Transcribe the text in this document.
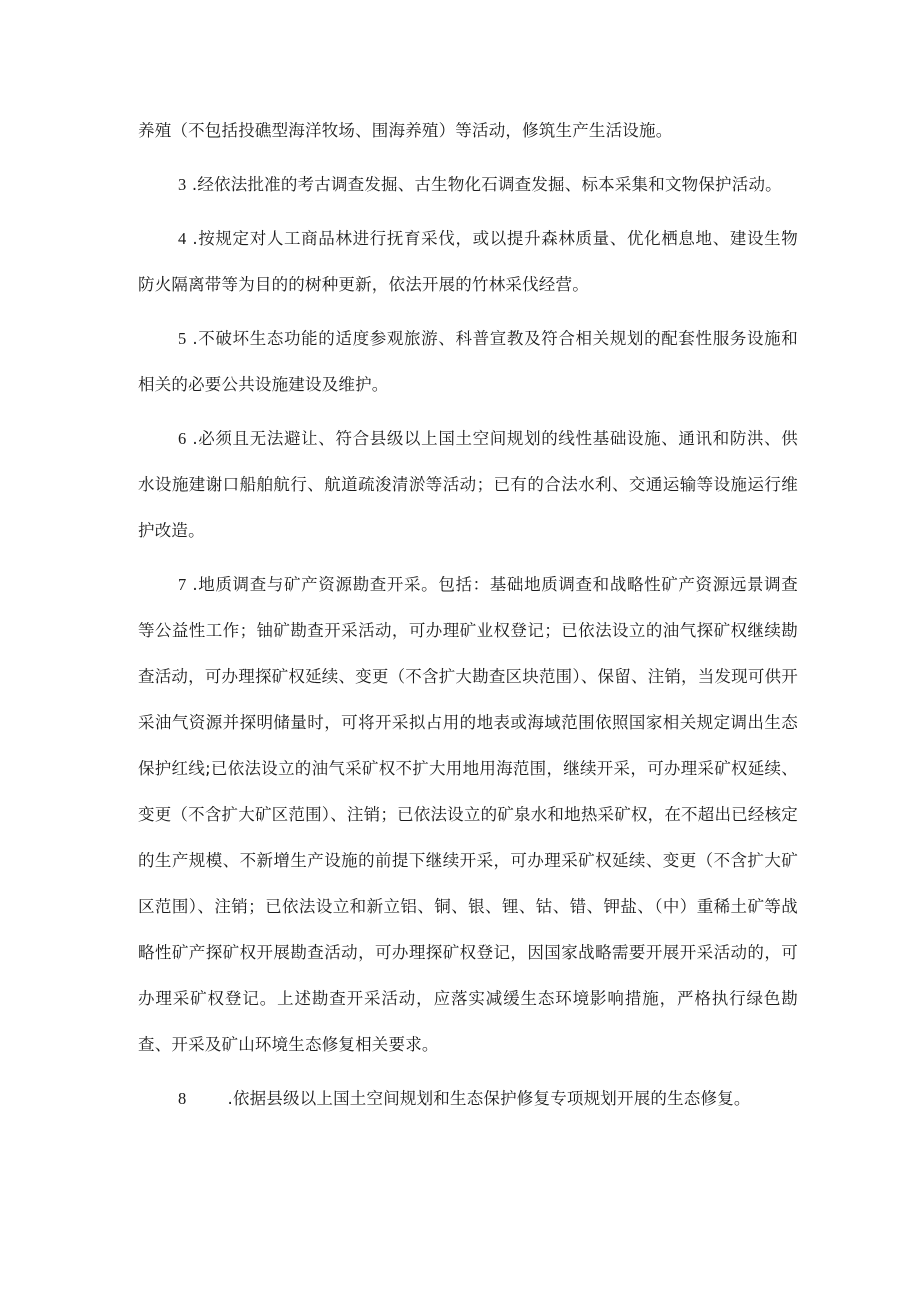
养殖（不包括投礁型海洋牧场、围海养殖）等活动，修筑生产生活设施。

3 .经依法批准的考古调查发掘、古生物化石调查发掘、标本采集和文物保护活动。

4 .按规定对人工商品林进行抚育采伐，或以提升森林质量、优化栖息地、建设生物防火隔离带等为目的的树种更新，依法开展的竹林采伐经营。

5 .不破坏生态功能的适度参观旅游、科普宣教及符合相关规划的配套性服务设施和相关的必要公共设施建设及维护。

6 .必须且无法避让、符合县级以上国土空间规划的线性基础设施、通讯和防洪、供水设施建谢口船舶航行、航道疏浚清淤等活动；已有的合法水利、交通运输等设施运行维护改造。

7 .地质调查与矿产资源勘查开采。包括：基础地质调查和战略性矿产资源远景调查等公益性工作；铀矿勘查开采活动，可办理矿业权登记；已依法设立的油气探矿权继续勘查活动，可办理探矿权延续、变更（不含扩大勘查区块范围）、保留、注销，当发现可供开采油气资源并探明储量时，可将开采拟占用的地表或海域范围依照国家相关规定调出生态保护红线;已依法设立的油气采矿权不扩大用地用海范围，继续开采，可办理采矿权延续、变更（不含扩大矿区范围）、注销；已依法设立的矿泉水和地热采矿权，在不超出已经核定的生产规模、不新增生产设施的前提下继续开采，可办理采矿权延续、变更（不含扩大矿区范围）、注销；已依法设立和新立铝、铜、银、锂、钴、错、钾盐、（中）重稀土矿等战略性矿产探矿权开展勘查活动，可办理探矿权登记，因国家战略需要开展开采活动的，可办理采矿权登记。上述勘查开采活动，应落实减缓生态环境影响措施，严格执行绿色勘查、开采及矿山环境生态修复相关要求。

8 .依据县级以上国土空间规划和生态保护修复专项规划开展的生态修复。
